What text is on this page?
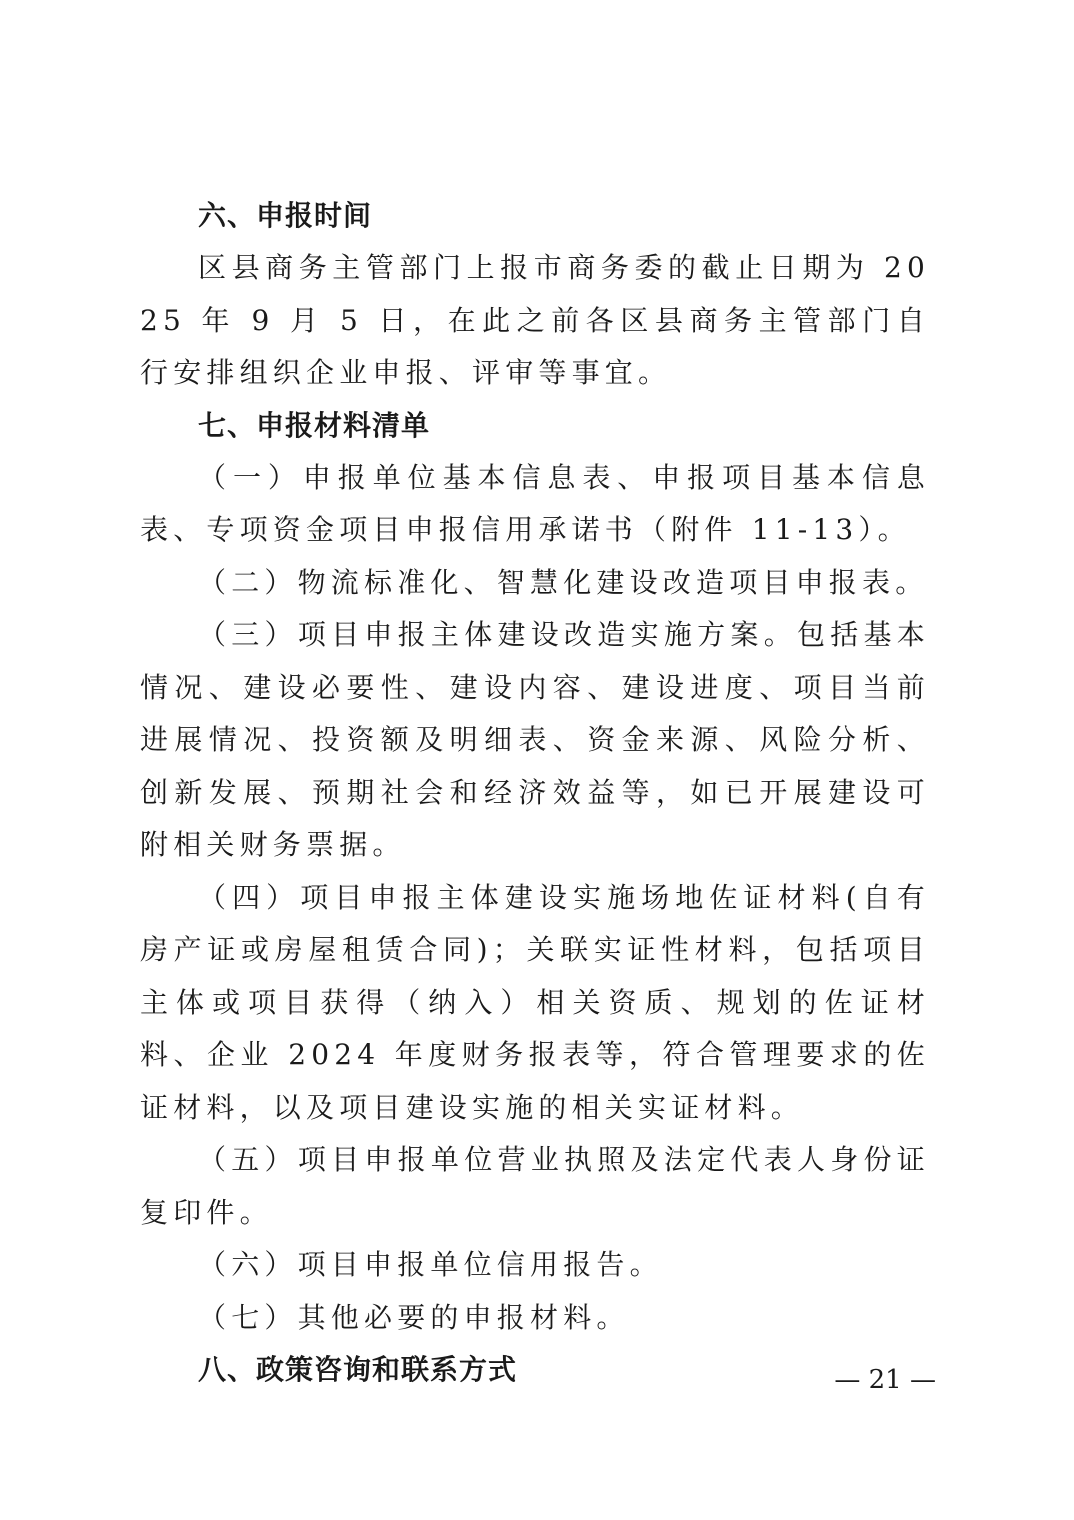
六、申报时间

区县商务主管部门上报市商务委的截止日期为 2025 年 9 月 5 日，在此之前各区县商务主管部门自行安排组织企业申报、评审等事宜。

七、申报材料清单

（一）申报单位基本信息表、申报项目基本信息表、专项资金项目申报信用承诺书（附件 11-13）。

（二）物流标准化、智慧化建设改造项目申报表。

（三）项目申报主体建设改造实施方案。包括基本情况、建设必要性、建设内容、建设进度、项目当前进展情况、投资额及明细表、资金来源、风险分析、创新发展、预期社会和经济效益等，如已开展建设可附相关财务票据。

（四）项目申报主体建设实施场地佐证材料(自有房产证或房屋租赁合同)；关联实证性材料，包括项目主体或项目获得（纳入）相关资质、规划的佐证材料、企业 2024 年度财务报表等，符合管理要求的佐证材料，以及项目建设实施的相关实证材料。

（五）项目申报单位营业执照及法定代表人身份证复印件。

（六）项目申报单位信用报告。

（七）其他必要的申报材料。

八、政策咨询和联系方式	— 21 —
